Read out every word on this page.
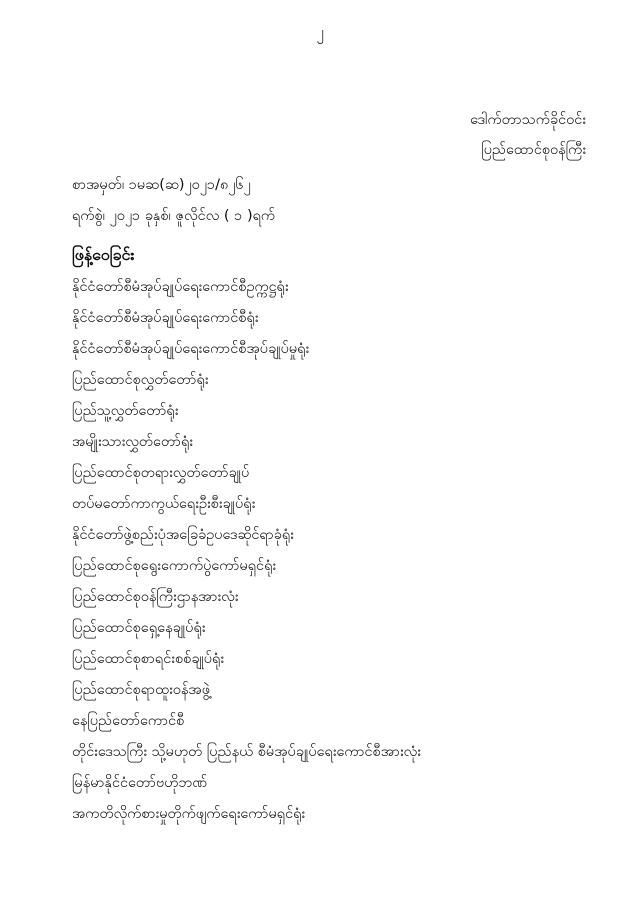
၂
ဒေါက်တာသက်ခိုင်ဝင်း
ပြည်ထောင်စုဝန်ကြီး
စာအမှတ်၊ ၁မဆ(ဆ)၂၀၂၁/၈၂၆၂
ရက်စွဲ၊ ၂၀၂၁ ခုနှစ်၊ ဇူလိုင်လ ( ၁ )ရက်
ဖြန့်ဝေခြင်း
နိုင်ငံတော်စီမံအုပ်ချုပ်ရေးကောင်စီဥက္ကဋ္ဌရုံး
နိုင်ငံတော်စီမံအုပ်ချုပ်ရေးကောင်စီရုံး
နိုင်ငံတော်စီမံအုပ်ချုပ်ရေးကောင်စီအုပ်ချုပ်မှုရုံး
ပြည်ထောင်စုလွှတ်တော်ရုံး
ပြည်သူ့လွှတ်တော်ရုံး
အမျိုးသားလွှတ်တော်ရုံး
ပြည်ထောင်စုတရားလွှတ်တော်ချုပ်
တပ်မတော်ကာကွယ်ရေးဦးစီးချုပ်ရုံး
နိုင်ငံတော်ဖွဲ့စည်းပုံအခြေခံဥပဒေဆိုင်ရာခုံရုံး
ပြည်ထောင်စုရွေးကောက်ပွဲကော်မရှင်ရုံး
ပြည်ထောင်စုဝန်ကြီးဌာနအားလုံး
ပြည်ထောင်စုရှေ့နေချုပ်ရုံး
ပြည်ထောင်စုစာရင်းစစ်ချုပ်ရုံး
ပြည်ထောင်စုရာထူးဝန်အဖွဲ့
နေပြည်တော်ကောင်စီ
တိုင်းဒေသကြီး သို့မဟုတ် ပြည်နယ် စီမံအုပ်ချုပ်ရေးကောင်စီအားလုံး
မြန်မာနိုင်ငံတော်ဗဟိုဘဏ်
အကတိလိုက်စားမှုတိုက်ဖျက်ရေးကော်မရှင်ရုံး
